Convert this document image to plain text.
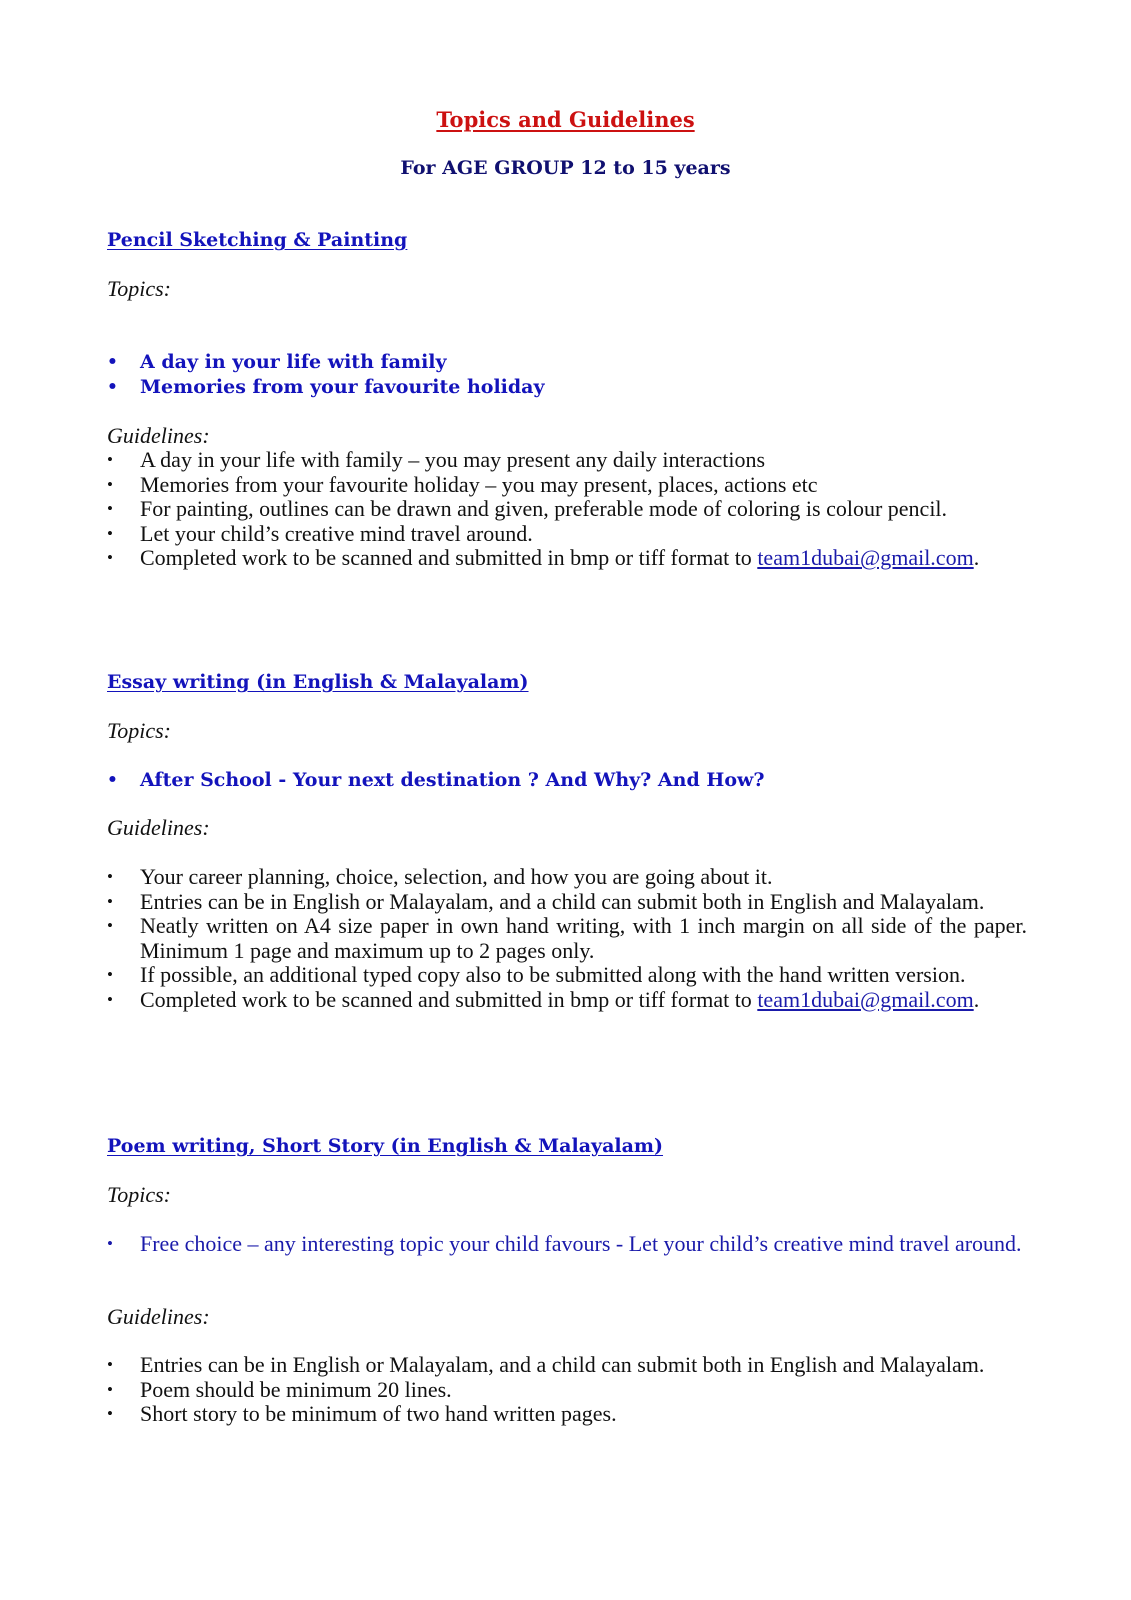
Topics and Guidelines
For AGE GROUP 12 to 15 years
Pencil Sketching & Painting
Topics:
• A day in your life with family
• Memories from your favourite holiday
Guidelines:
• A day in your life with family – you may present any daily interactions
• Memories from your favourite holiday – you may present, places, actions etc
• For painting, outlines can be drawn and given, preferable mode of coloring is colour pencil.
• Let your child’s creative mind travel around.
• Completed work to be scanned and submitted in bmp or tiff format to team1dubai@gmail.com.
Essay writing (in English & Malayalam)
Topics:
• After School - Your next destination ? And Why? And How?
Guidelines:
• Your career planning, choice, selection, and how you are going about it.
• Entries can be in English or Malayalam, and a child can submit both in English and Malayalam.
• Neatly written on A4 size paper in own hand writing, with 1 inch margin on all side of the paper. Minimum 1 page and maximum up to 2 pages only.
• If possible, an additional typed copy also to be submitted along with the hand written version.
• Completed work to be scanned and submitted in bmp or tiff format to team1dubai@gmail.com.
Poem writing, Short Story (in English & Malayalam)
Topics:
• Free choice – any interesting topic your child favours - Let your child’s creative mind travel around.
Guidelines:
• Entries can be in English or Malayalam, and a child can submit both in English and Malayalam.
• Poem should be minimum 20 lines.
• Short story to be minimum of two hand written pages.
